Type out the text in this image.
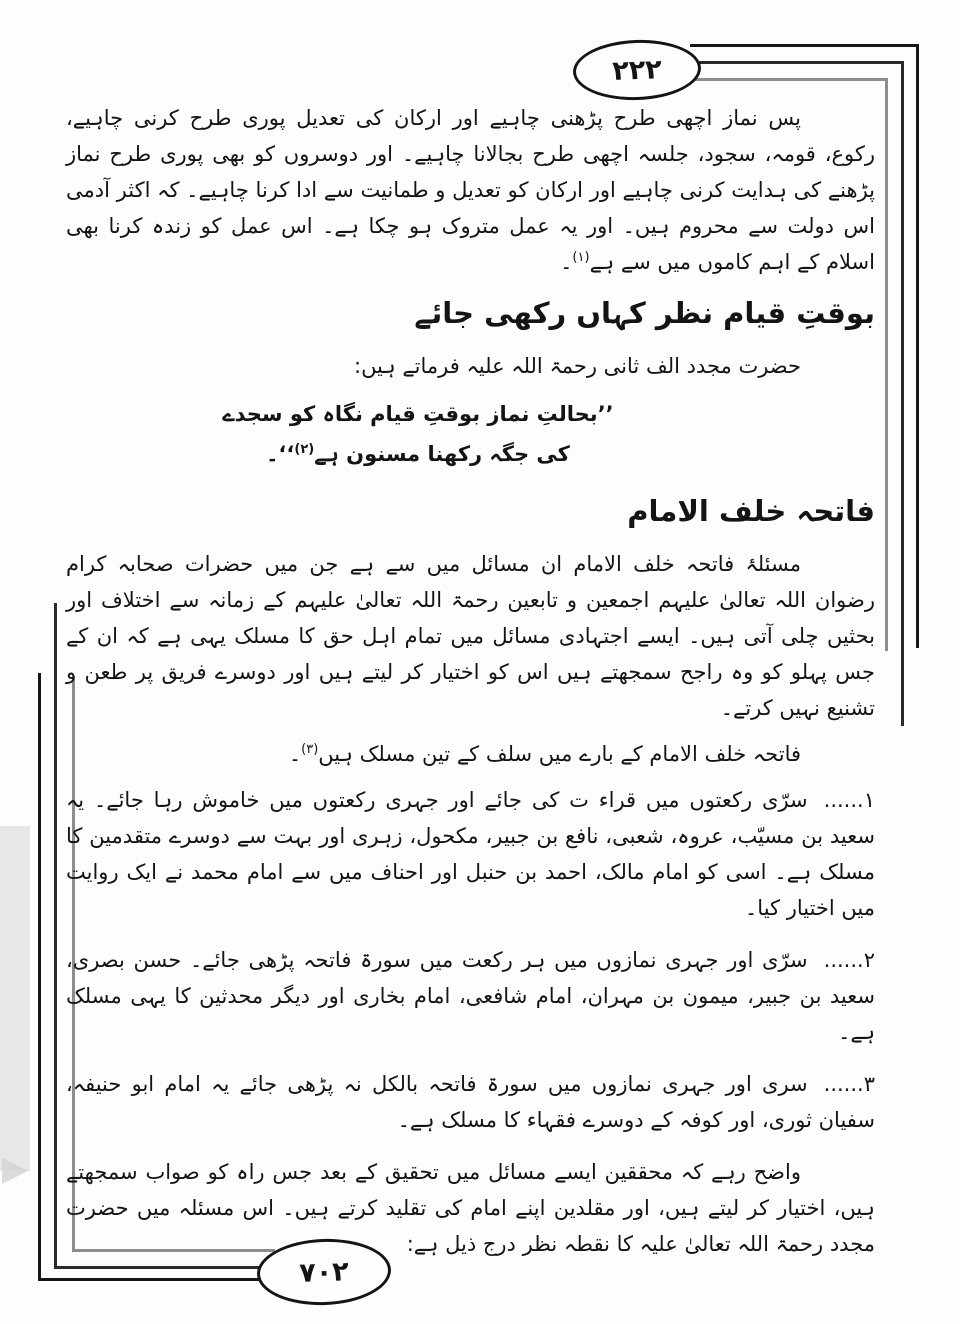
۲۲۲
۷۰۲

پس نماز اچھی طرح پڑھنی چاہیے اور ارکان کی تعدیل پوری طرح کرنی چاہیے، رکوع، قومہ، سجود، جلسہ اچھی طرح بجالانا چاہیے۔ اور دوسروں کو بھی پوری طرح نماز پڑھنے کی ہدایت کرنی چاہیے اور ارکان کو تعدیل و طمانیت سے ادا کرنا چاہیے۔ کہ اکثر آدمی اس دولت سے محروم ہیں۔ اور یہ عمل متروک ہو چکا ہے۔ اس عمل کو زندہ کرنا بھی اسلام کے اہم کاموں میں سے ہے$^{(۱)}$۔

بوقتِ قیام نظر کہاں رکھی جائے

حضرت مجدد الف ثانی رحمۃ اللہ علیہ فرماتے ہیں:

’’بحالتِ نماز بوقتِ قیام نگاہ کو سجدے کی جگہ رکھنا مسنون ہے$^{(۲)}$‘‘۔

فاتحہ خلف الامام

مسئلۂ فاتحہ خلف الامام ان مسائل میں سے ہے جن میں حضرات صحابہ کرام رضوان اللہ تعالیٰ علیہم اجمعین و تابعین رحمۃ اللہ تعالیٰ علیہم کے زمانہ سے اختلاف اور بحثیں چلی آتی ہیں۔ ایسے اجتہادی مسائل میں تمام اہل حق کا مسلک یہی ہے کہ ان کے جس پہلو کو وہ راجح سمجھتے ہیں اس کو اختیار کر لیتے ہیں اور دوسرے فریق پر طعن و تشنیع نہیں کرتے۔

فاتحہ خلف الامام کے بارے میں سلف کے تین مسلک ہیں$^{(۳)}$۔

۱......سرّی رکعتوں میں قراء ت کی جائے اور جہری رکعتوں میں خاموش رہا جائے۔ یہ سعید بن مسیّب، عروہ، شعبی، نافع بن جبیر، مکحول، زہری اور بہت سے دوسرے متقدمین کا مسلک ہے۔ اسی کو امام مالک، احمد بن حنبل اور احناف میں سے امام محمد نے ایک روایت میں اختیار کیا۔

۲......سرّی اور جہری نمازوں میں ہر رکعت میں سورۃ فاتحہ پڑھی جائے۔ حسن بصری، سعید بن جبیر، میمون بن مہران، امام شافعی، امام بخاری اور دیگر محدثین کا یہی مسلک ہے۔

۳......سری اور جہری نمازوں میں سورۃ فاتحہ بالکل نہ پڑھی جائے یہ امام ابو حنیفہ، سفیان ثوری، اور کوفہ کے دوسرے فقہاء کا مسلک ہے۔

واضح رہے کہ محققین ایسے مسائل میں تحقیق کے بعد جس راہ کو صواب سمجھتے ہیں، اختیار کر لیتے ہیں، اور مقلدین اپنے امام کی تقلید کرتے ہیں۔ اس مسئلہ میں حضرت مجدد رحمۃ اللہ تعالیٰ علیہ کا نقطہ نظر درج ذیل ہے:
